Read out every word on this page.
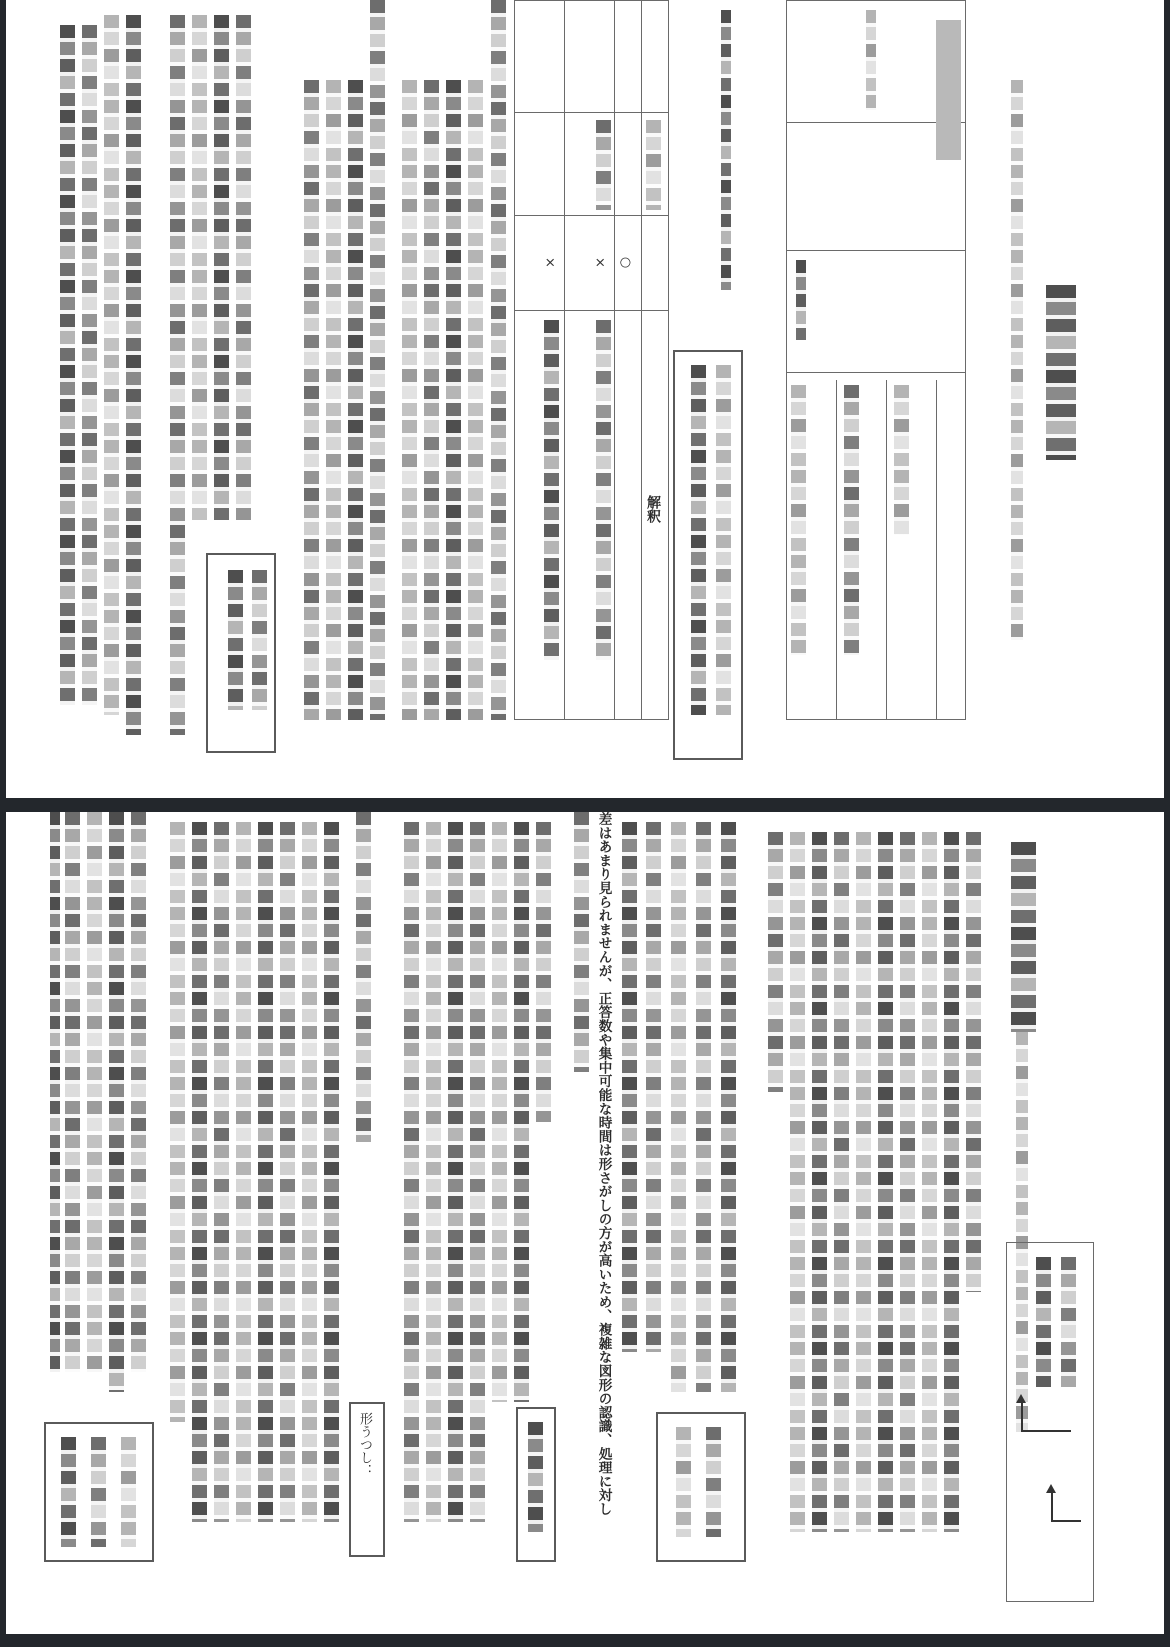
解釈
○
×
×
差はあまり見られませんが、正答数や集中可能な時間は形さがしの方が高いため、複雑な図形の認識、処理に対し
形うつし：
